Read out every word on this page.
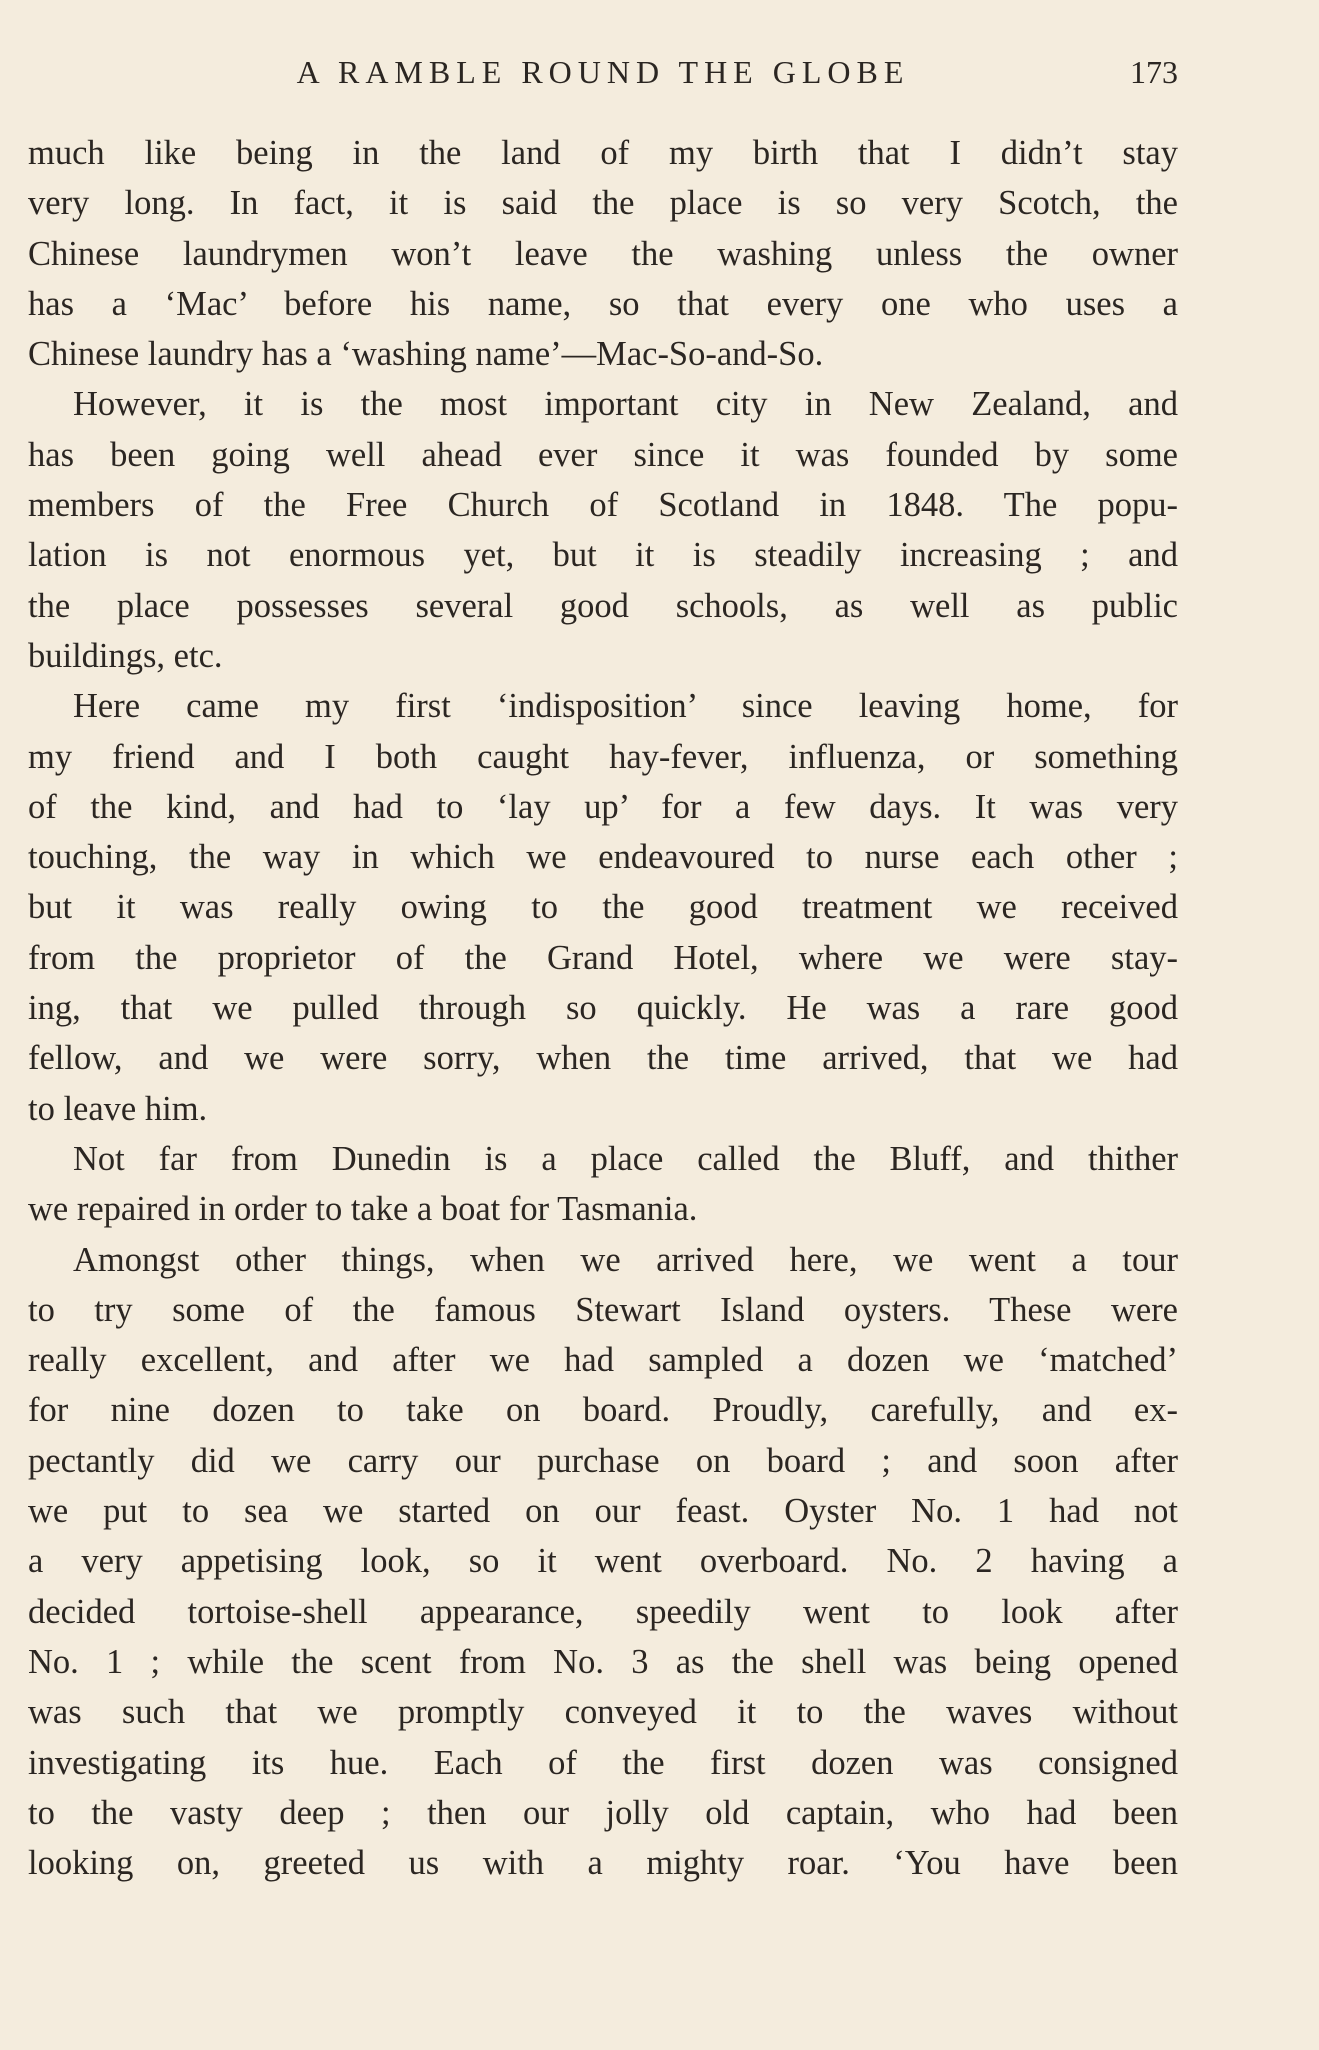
A RAMBLE ROUND THE GLOBE	173
much like being in the land of my birth that I didn’t stay
very long. In fact, it is said the place is so very Scotch, the
Chinese laundrymen won’t leave the washing unless the owner
has a ‘Mac’ before his name, so that every one who uses a
Chinese laundry has a ‘washing name’—Mac-So-and-So.
However, it is the most important city in New Zealand, and
has been going well ahead ever since it was founded by some
members of the Free Church of Scotland in 1848. The popu-
lation is not enormous yet, but it is steadily increasing ; and
the place possesses several good schools, as well as public
buildings, etc.
Here came my first ‘indisposition’ since leaving home, for
my friend and I both caught hay-fever, influenza, or something
of the kind, and had to ‘lay up’ for a few days. It was very
touching, the way in which we endeavoured to nurse each other ;
but it was really owing to the good treatment we received
from the proprietor of the Grand Hotel, where we were stay-
ing, that we pulled through so quickly. He was a rare good
fellow, and we were sorry, when the time arrived, that we had
to leave him.
Not far from Dunedin is a place called the Bluff, and thither
we repaired in order to take a boat for Tasmania.
Amongst other things, when we arrived here, we went a tour
to try some of the famous Stewart Island oysters. These were
really excellent, and after we had sampled a dozen we ‘matched’
for nine dozen to take on board. Proudly, carefully, and ex-
pectantly did we carry our purchase on board ; and soon after
we put to sea we started on our feast. Oyster No. 1 had not
a very appetising look, so it went overboard. No. 2 having a
decided tortoise-shell appearance, speedily went to look after
No. 1 ; while the scent from No. 3 as the shell was being opened
was such that we promptly conveyed it to the waves without
investigating its hue. Each of the first dozen was consigned
to the vasty deep ; then our jolly old captain, who had been
looking on, greeted us with a mighty roar. ‘You have been
